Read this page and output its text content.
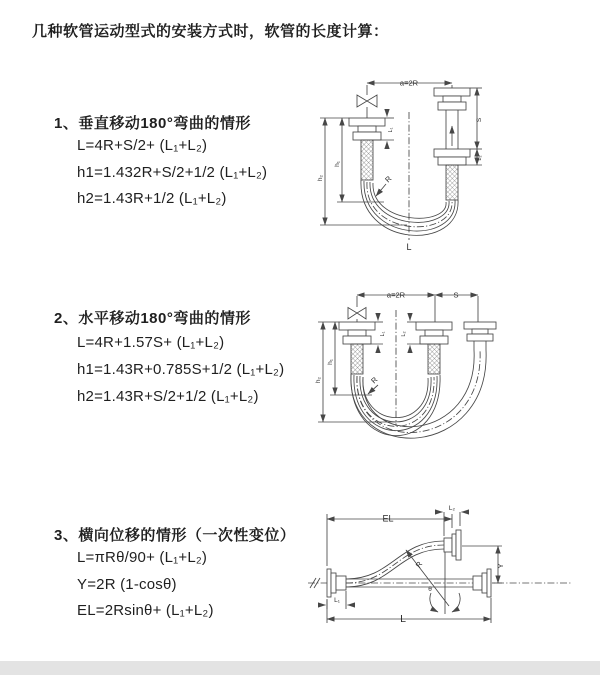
几种软管运动型式的安装方式时，软管的长度计算：
1、垂直移动180°弯曲的情形
L=4R+S/2+ (L₁+L₂)
h1=1.432R+S/2+1/2 (L₁+L₂)
h2=1.43R+1/2 (L₁+L₂)
2、水平移动180°弯曲的情形
L=4R+1.57S+ (L₁+L₂)
h1=1.43R+0.785S+1/2 (L₁+L₂)
h2=1.43R+S/2+1/2 (L₁+L₂)
3、横向位移的情形（一次性变位）
L=πRθ/90+ (L₁+L₂)
Y=2R (1-cosθ)
EL=2Rsinθ+ (L₁+L₂)
a=2R
S
L₂
L₁
h₁
h₂	R
L
a=2R	S
L₁	L₂
h₁
h₂	R
EL
L₂
Y
L
L₁
R
θ
